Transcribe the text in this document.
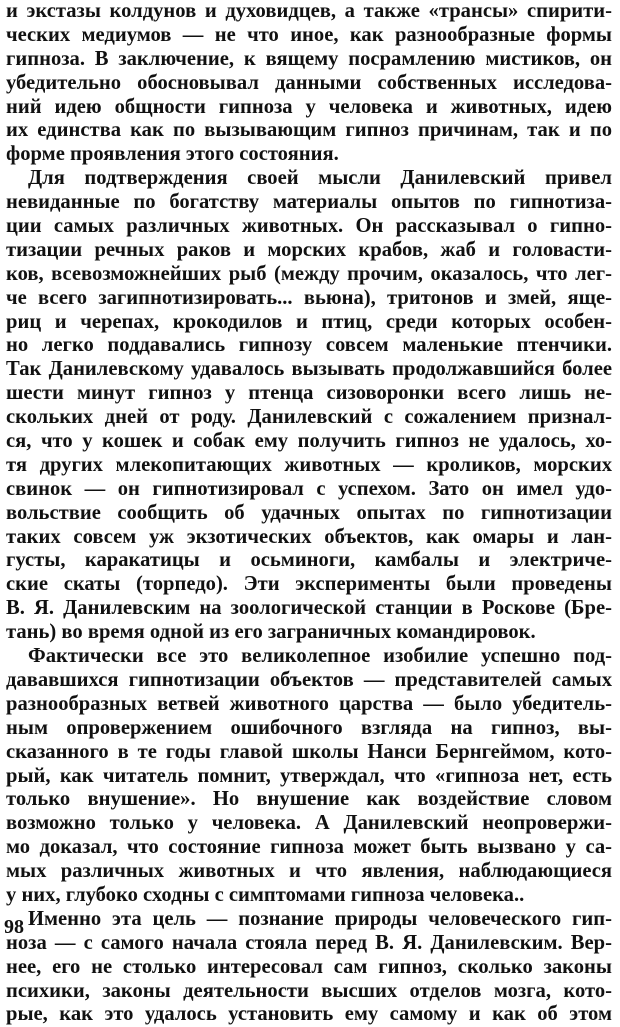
и экстазы колдунов и духовидцев, а также «трансы» спирити-
ческих медиумов — не что иное, как разнообразные формы
гипноза. В заключение, к вящему посрамлению мистиков, он
убедительно обосновывал данными собственных исследова-
ний идею общности гипноза у человека и животных, идею
их единства как по вызывающим гипноз причинам, так и по
форме проявления этого состояния.
Для подтверждения своей мысли Данилевский привел
невиданные по богатству материалы опытов по гипнотиза-
ции самых различных животных. Он рассказывал о гипно-
тизации речных раков и морских крабов, жаб и головасти-
ков, всевозможнейших рыб (между прочим, оказалось, что лег-
че всего загипнотизировать... вьюна), тритонов и змей, яще-
риц и черепах, крокодилов и птиц, среди которых особен-
но легко поддавались гипнозу совсем маленькие птенчики.
Так Данилевскому удавалось вызывать продолжавшийся более
шести минут гипноз у птенца сизоворонки всего лишь не-
скольких дней от роду. Данилевский с сожалением признал-
ся, что у кошек и собак ему получить гипноз не удалось, хо-
тя других млекопитающих животных — кроликов, морских
свинок — он гипнотизировал с успехом. Зато он имел удо-
вольствие сообщить об удачных опытах по гипнотизации
таких совсем уж экзотических объектов, как омары и лан-
густы, каракатицы и осьминоги, камбалы и электриче-
ские скаты (торпедо). Эти эксперименты были проведены
В. Я. Данилевским на зоологической станции в Роскове (Бре-
тань) во время одной из его заграничных командировок.
Фактически все это великолепное изобилие успешно под-
дававшихся гипнотизации объектов — представителей самых
разнообразных ветвей животного царства — было убедитель-
ным опровержением ошибочного взгляда на гипноз, вы-
сказанного в те годы главой школы Нанси Бернгеймом, кото-
рый, как читатель помнит, утверждал, что «гипноза нет, есть
только внушение». Но внушение как воздействие словом
возможно только у человека. А Данилевский неопровержи-
мо доказал, что состояние гипноза может быть вызвано у са-
мых различных животных и что явления, наблюдающиеся
у них, глубоко сходны с симптомами гипноза человека..
Именно эта цель — познание природы человеческого гип-
ноза — с самого начала стояла перед В. Я. Данилевским. Вер-
нее, его не столько интересовал сам гипноз, сколько законы
психики, законы деятельности высших отделов мозга, кото-
рые, как это удалось установить ему самому и как об этом
98
